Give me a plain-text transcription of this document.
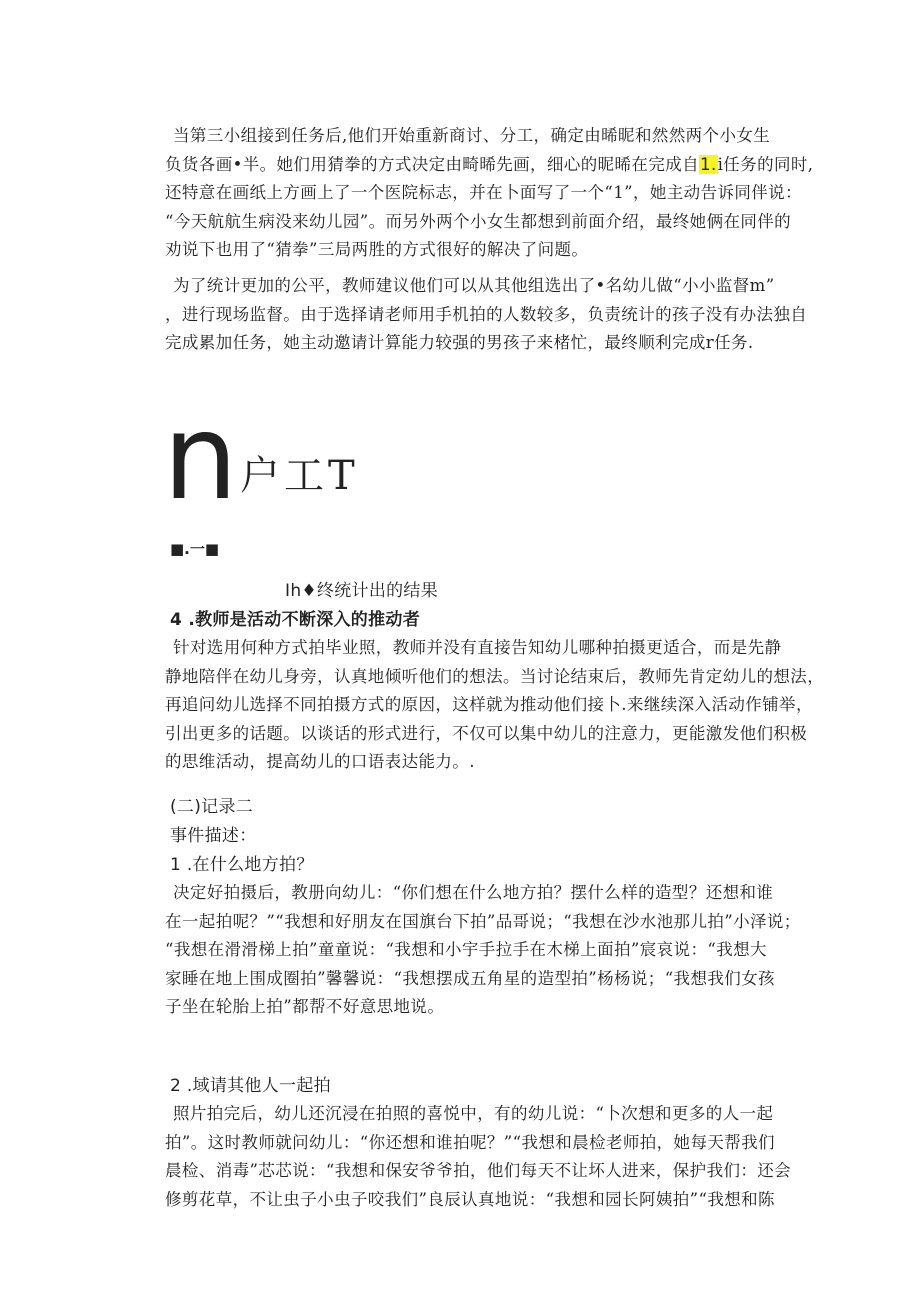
当第三小组接到任务后,他们开始重新商讨、分工，确定由晞昵和然然两个小女生
负货各画•半。她们用猜拳的方式决定由畸晞先画，细心的昵晞在完成自1.i任务的同时,
还特意在画纸上方画上了一个医院标志，并在卜面写了一个“1”，她主动告诉同伴说：
“今天航航生病没来幼儿园”。而另外两个小女生都想到前面介绍，最终她俩在同伴的
劝说下也用了“猜拳”三局两胜的方式很好的解决了问题。
为了统计更加的公平，教师建议他们可以从其他组选出了•名幼儿做“小小监督m”
，进行现场监督。由于选择请老师用手机拍的人数较多，负责统计的孩子没有办法独自
完成累加任务，她主动邀请计算能力较强的男孩子来楮忙，最终顺利完成r任务.
n 户工T
■.一■
Ih♦终统计出的结果
4 .教师是活动不断深入的推动者
针对选用何种方式拍毕业照，教师并没有直接告知幼儿哪种拍摄更适合，而是先静
静地陪伴在幼儿身旁，认真地倾听他们的想法。当讨论结束后，教师先肯定幼儿的想法，
再追问幼儿选择不同拍摄方式的原因，这样就为推动他们接卜.来继续深入活动作铺举，
引出更多的话题。以谈话的形式进行，不仅可以集中幼儿的注意力，更能激发他们积极
的思维活动，提高幼儿的口语表达能力。.
(二)记录二
事件描述：
1 .在什么地方拍？
决定好拍摄后，教册向幼儿：“你们想在什么地方拍？摆什么样的造型？还想和谁
在一起拍呢？”“我想和好朋友在国旗台下拍”品哥说；“我想在沙水池那儿拍”小泽说；
“我想在滑滑梯上拍”童童说：“我想和小宇手拉手在木梯上面拍”宸哀说：“我想大
家睡在地上围成圈拍”馨馨说：“我想摆成五角星的造型拍”杨杨说；“我想我们女孩
子坐在轮胎上拍”都帮不好意思地说。
2 .域请其他人一起拍
照片拍完后，幼儿还沉浸在拍照的喜悦中，有的幼儿说：“卜次想和更多的人一起
拍”。这时教师就问幼儿：“你还想和谁拍呢？”“我想和晨检老师拍，她每天帮我们
晨检、消毒”芯芯说：“我想和保安爷爷拍，他们每天不让坏人进来，保护我们：还会
修剪花草，不让虫子小虫子咬我们”良辰认真地说：“我想和园长阿姨拍”“我想和陈
